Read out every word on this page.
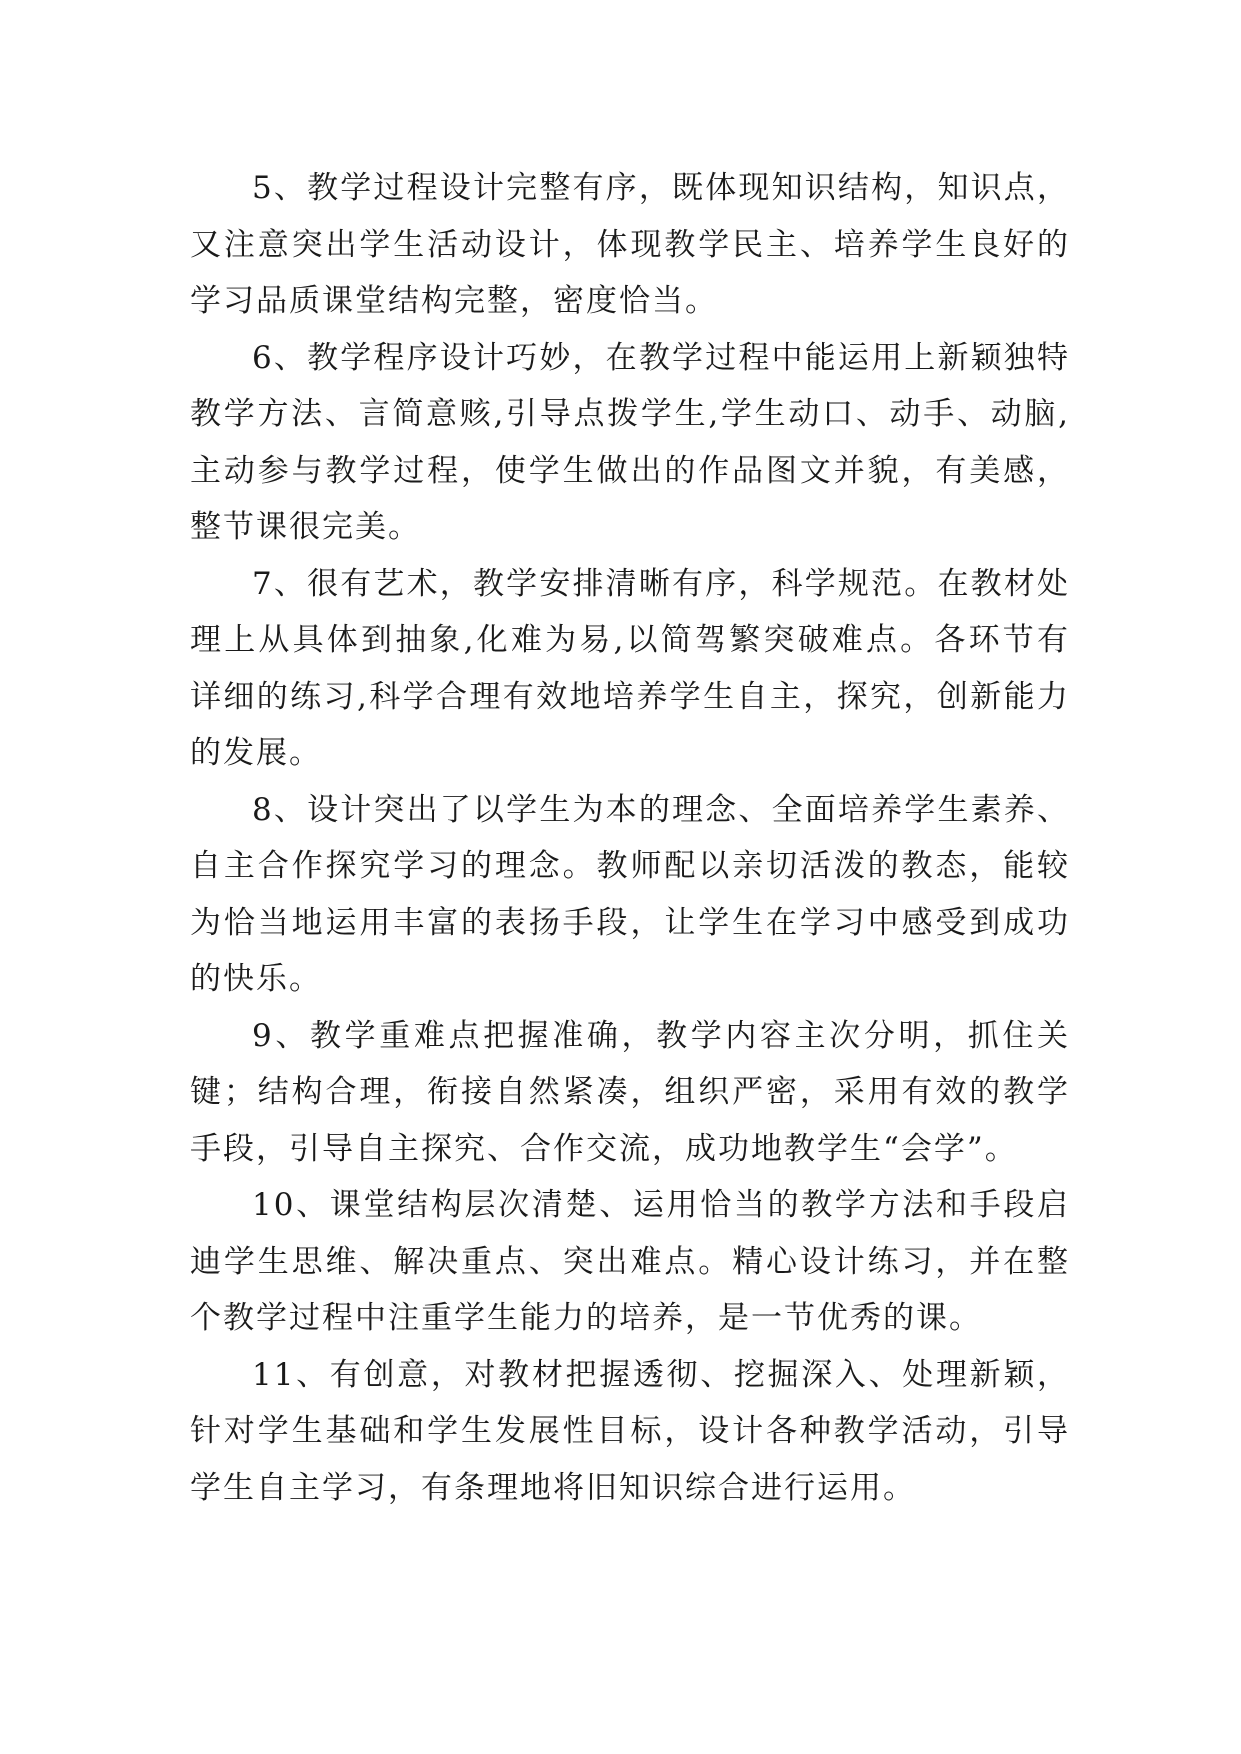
5、教学过程设计完整有序，既体现知识结构，知识点，又注意突出学生活动设计，体现教学民主、培养学生良好的学习品质课堂结构完整，密度恰当。

6、教学程序设计巧妙，在教学过程中能运用上新颖独特教学方法、言简意赅,引导点拨学生,学生动口、动手、动脑,主动参与教学过程，使学生做出的作品图文并貌，有美感，整节课很完美。

7、很有艺术，教学安排清晰有序，科学规范。在教材处理上从具体到抽象,化难为易,以简驾繁突破难点。各环节有详细的练习,科学合理有效地培养学生自主，探究，创新能力的发展。

8、设计突出了以学生为本的理念、全面培养学生素养、自主合作探究学习的理念。教师配以亲切活泼的教态，能较为恰当地运用丰富的表扬手段，让学生在学习中感受到成功的快乐。

9、教学重难点把握准确，教学内容主次分明，抓住关键；结构合理，衔接自然紧凑，组织严密，采用有效的教学手段，引导自主探究、合作交流，成功地教学生“会学”。

10、课堂结构层次清楚、运用恰当的教学方法和手段启迪学生思维、解决重点、突出难点。精心设计练习，并在整个教学过程中注重学生能力的培养，是一节优秀的课。

11、有创意，对教材把握透彻、挖掘深入、处理新颖，针对学生基础和学生发展性目标，设计各种教学活动，引导学生自主学习，有条理地将旧知识综合进行运用。
